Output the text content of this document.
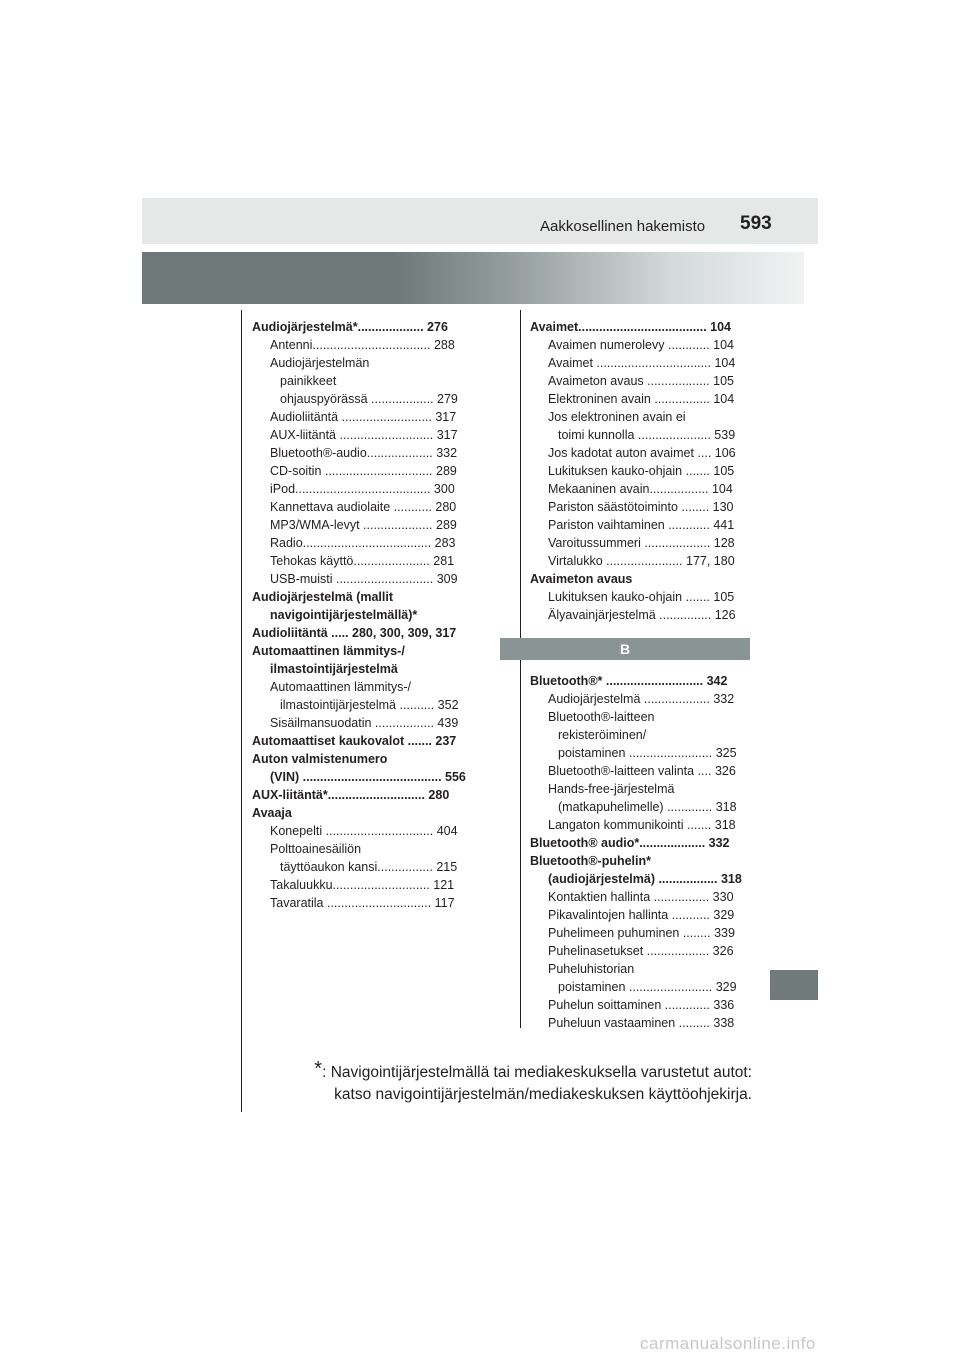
Aakkosellinen hakemisto 593
Audiojärjestelmä*................... 276
Antenni.................................. 288
Audiojärjestelmän
painikkeet
ohjauspyörässä .................. 279
Audioliitäntä .......................... 317
AUX-liitäntä ........................... 317
Bluetooth®-audio................... 332
CD-soitin ............................... 289
iPod....................................... 300
Kannettava audiolaite ........... 280
MP3/WMA-levyt .................... 289
Radio..................................... 283
Tehokas käyttö...................... 281
USB-muisti ............................ 309
Audiojärjestelmä (mallit
navigointijärjestelmällä)*
Audioliitäntä ..... 280, 300, 309, 317
Automaattinen lämmitys-/
ilmastointijärjestelmä
Automaattinen lämmitys-/
ilmastointijärjestelmä .......... 352
Sisäilmansuodatin ................. 439
Automaattiset kaukovalot ....... 237
Auton valmistenumero
(VIN) ........................................ 556
AUX-liitäntä*............................ 280
Avaaja
Konepelti ............................... 404
Polttoainesäiliön
täyttöaukon kansi................ 215
Takaluukku............................ 121
Tavaratila .............................. 117
Avaimet..................................... 104
Avaimen numerolevy ............ 104
Avaimet ................................. 104
Avaimeton avaus .................. 105
Elektroninen avain ................ 104
Jos elektroninen avain ei
toimi kunnolla ..................... 539
Jos kadotat auton avaimet .... 106
Lukituksen kauko-ohjain ....... 105
Mekaaninen avain................. 104
Pariston säästötoiminto ........ 130
Pariston vaihtaminen ............ 441
Varoitussummeri ................... 128
Virtalukko ...................... 177, 180
Avaimeton avaus
Lukituksen kauko-ohjain ....... 105
Älyavainjärjestelmä ............... 126
B
Bluetooth®* ............................ 342
Audiojärjestelmä ................... 332
Bluetooth®-laitteen
rekisteröiminen/
poistaminen ........................ 325
Bluetooth®-laitteen valinta .... 326
Hands-free-järjestelmä
(matkapuhelimelle) ............. 318
Langaton kommunikointi ....... 318
Bluetooth® audio*................... 332
Bluetooth®-puhelin*
(audiojärjestelmä) ................. 318
Kontaktien hallinta ................ 330
Pikavalintojen hallinta ........... 329
Puhelimeen puhuminen ........ 339
Puhelinasetukset .................. 326
Puheluhistorian
poistaminen ........................ 329
Puhelun soittaminen ............. 336
Puheluun vastaaminen ......... 338
*: Navigointijärjestelmällä tai mediakeskuksella varustetut autot:
katso navigointijärjestelmän/mediakeskuksen käyttöohjekirja.
carmanualsonline.info
